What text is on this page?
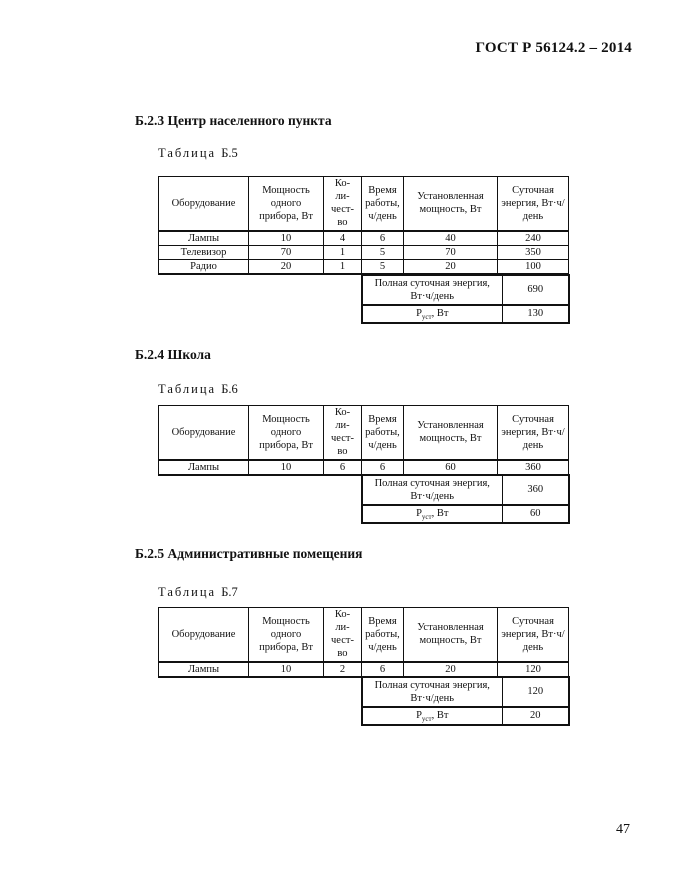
ГОСТ Р 56124.2 – 2014
Б.2.3 Центр населенного пункта
Таблица Б.5
Оборудование	Мощность одного прибора, Вт	Ко-
ли-
чест-
во	Время работы, ч/день	Установленная мощность, Вт	Суточная энергия, Вт·ч/день
Лампы	10	4	6	40	240
Телевизор	70	1	5	70	350
Радио	20	1	5	20	100
Полная суточная энергия,
Вт·ч/день	690
$P_{уст}$, Вт	130
Б.2.4 Школа
Таблица Б.6
Оборудование	Мощность одного прибора, Вт	Ко-
ли-
чест-
во	Время работы, ч/день	Установленная мощность, Вт	Суточная энергия, Вт·ч/день
Лампы	10	6	6	60	360
Полная суточная энергия,
Вт·ч/день	360
$P_{уст}$, Вт	60
Б.2.5 Административные помещения
Таблица Б.7
Оборудование	Мощность одного прибора, Вт	Ко-
ли-
чест-
во	Время работы, ч/день	Установленная мощность, Вт	Суточная энергия, Вт·ч/день
Лампы	10	2	6	20	120
Полная суточная энергия,
Вт·ч/день	120
$P_{уст}$, Вт	20
47
